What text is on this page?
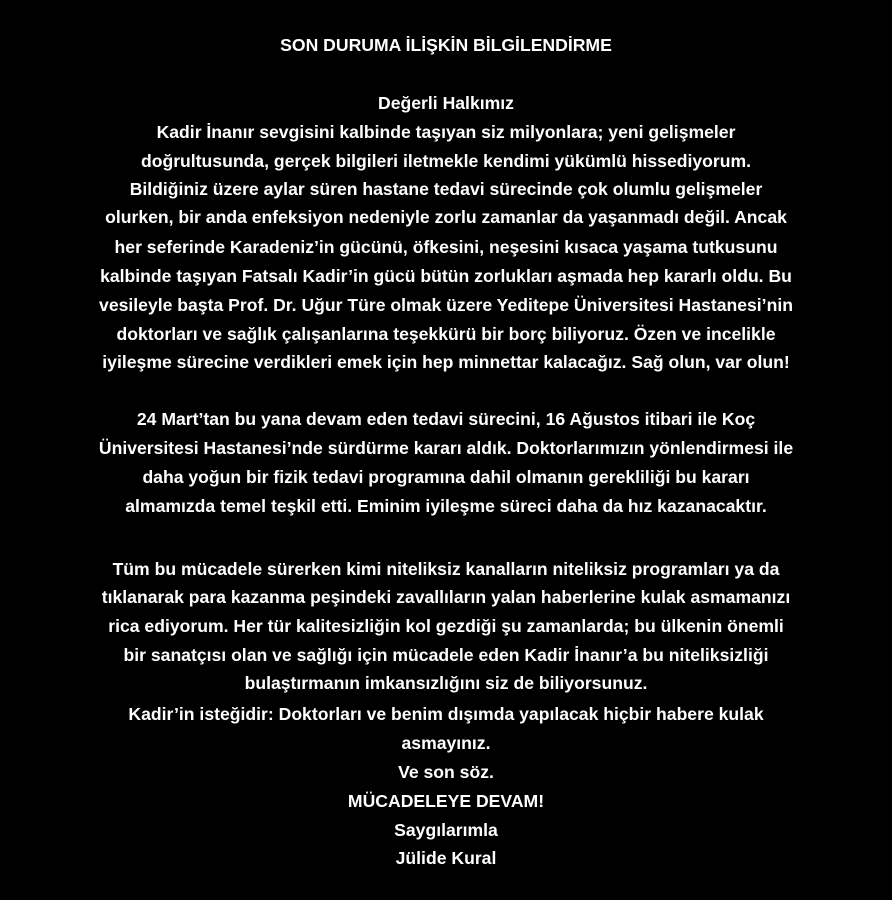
SON DURUMA İLİŞKİN BİLGİLENDİRME
Değerli Halkımız
Kadir İnanır sevgisini kalbinde taşıyan siz milyonlara; yeni gelişmeler
doğrultusunda, gerçek bilgileri iletmekle kendimi yükümlü hissediyorum.
Bildiğiniz üzere aylar süren hastane tedavi sürecinde çok olumlu gelişmeler
olurken, bir anda enfeksiyon nedeniyle zorlu zamanlar da yaşanmadı değil. Ancak
her seferinde Karadeniz’in gücünü, öfkesini, neşesini kısaca yaşama tutkusunu
kalbinde taşıyan Fatsalı Kadir’in gücü bütün zorlukları aşmada hep kararlı oldu. Bu
vesileyle başta Prof. Dr. Uğur Türe olmak üzere Yeditepe Üniversitesi Hastanesi’nin
doktorları ve sağlık çalışanlarına teşekkürü bir borç biliyoruz. Özen ve incelikle
iyileşme sürecine verdikleri emek için hep minnettar kalacağız. Sağ olun, var olun!
24 Mart’tan bu yana devam eden tedavi sürecini, 16 Ağustos itibari ile Koç
Üniversitesi Hastanesi’nde sürdürme kararı aldık. Doktorlarımızın yönlendirmesi ile
daha yoğun bir fizik tedavi programına dahil olmanın gerekliliği bu kararı
almamızda temel teşkil etti. Eminim iyileşme süreci daha da hız kazanacaktır.
Tüm bu mücadele sürerken kimi niteliksiz kanalların niteliksiz programları ya da
tıklanarak para kazanma peşindeki zavallıların yalan haberlerine kulak asmamanızı
rica ediyorum. Her tür kalitesizliğin kol gezdiği şu zamanlarda; bu ülkenin önemli
bir sanatçısı olan ve sağlığı için mücadele eden Kadir İnanır’a bu niteliksizliği
bulaştırmanın imkansızlığını siz de biliyorsunuz.
Kadir’in isteğidir: Doktorları ve benim dışımda yapılacak hiçbir habere kulak
asmayınız.
Ve son söz.
MÜCADELEYE DEVAM!
Saygılarımla
Jülide Kural
